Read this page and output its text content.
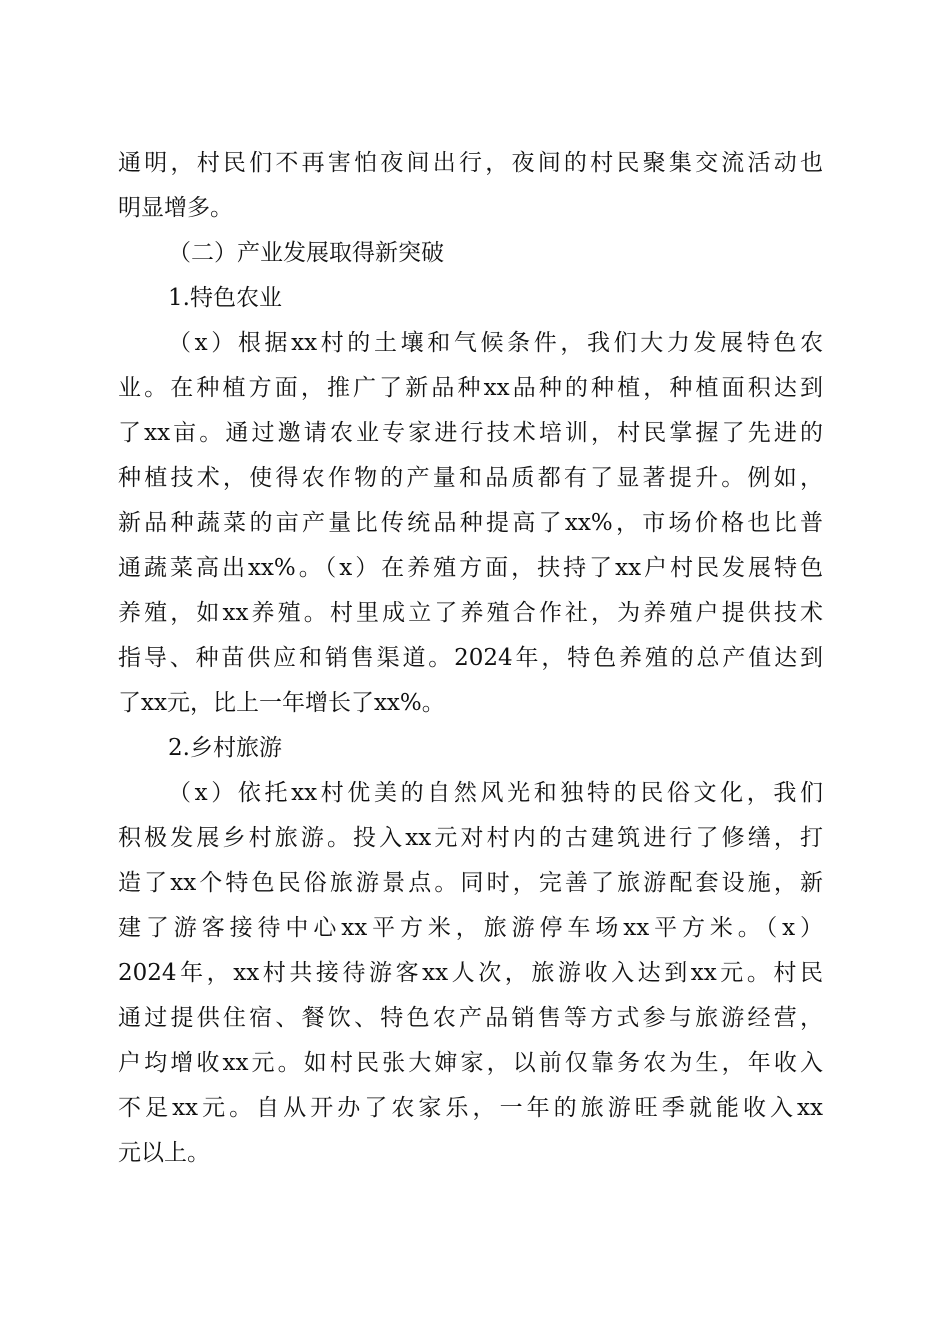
通明，村民们不再害怕夜间出行，夜间的村民聚集交流活动也
明显增多。
（二）产业发展取得新突破
1.特色农业
（x）根据xx村的土壤和气候条件，我们大力发展特色农
业。在种植方面，推广了新品种xx品种的种植，种植面积达到
了xx亩。通过邀请农业专家进行技术培训，村民掌握了先进的
种植技术，使得农作物的产量和品质都有了显著提升。例如，
新品种蔬菜的亩产量比传统品种提高了xx%，市场价格也比普
通蔬菜高出xx%。（x）在养殖方面，扶持了xx户村民发展特色
养殖，如xx养殖。村里成立了养殖合作社，为养殖户提供技术
指导、种苗供应和销售渠道。2024年，特色养殖的总产值达到
了xx元，比上一年增长了xx%。
2.乡村旅游
（x）依托xx村优美的自然风光和独特的民俗文化，我们
积极发展乡村旅游。投入xx元对村内的古建筑进行了修缮，打
造了xx个特色民俗旅游景点。同时，完善了旅游配套设施，新
建了游客接待中心xx平方米，旅游停车场xx平方米。（x）
2024年，xx村共接待游客xx人次，旅游收入达到xx元。村民
通过提供住宿、餐饮、特色农产品销售等方式参与旅游经营，
户均增收xx元。如村民张大婶家，以前仅靠务农为生，年收入
不足xx元。自从开办了农家乐，一年的旅游旺季就能收入xx
元以上。
